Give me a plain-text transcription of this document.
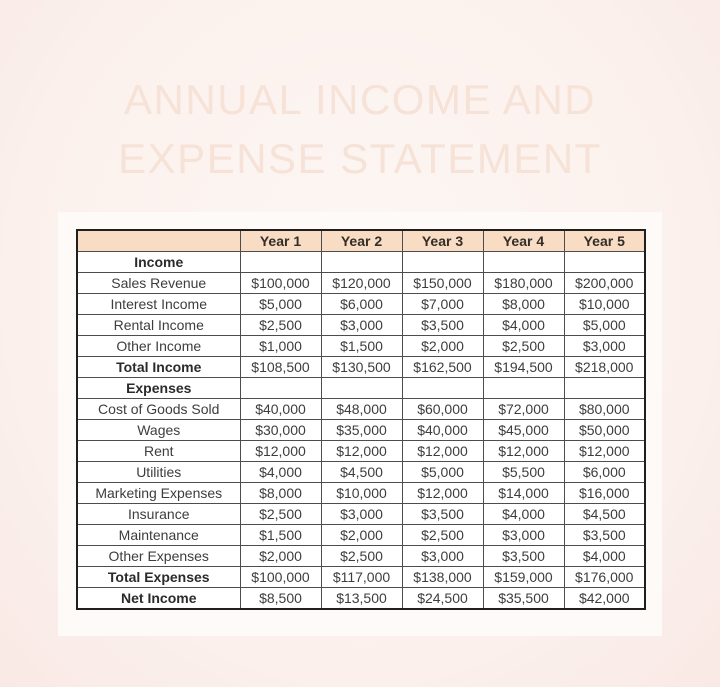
ANNUAL INCOME AND
EXPENSE STATEMENT
	Year 1	Year 2	Year 3	Year 4	Year 5
Income					
Sales Revenue	$100,000	$120,000	$150,000	$180,000	$200,000
Interest Income	$5,000	$6,000	$7,000	$8,000	$10,000
Rental Income	$2,500	$3,000	$3,500	$4,000	$5,000
Other Income	$1,000	$1,500	$2,000	$2,500	$3,000
Total Income	$108,500	$130,500	$162,500	$194,500	$218,000
Expenses					
Cost of Goods Sold	$40,000	$48,000	$60,000	$72,000	$80,000
Wages	$30,000	$35,000	$40,000	$45,000	$50,000
Rent	$12,000	$12,000	$12,000	$12,000	$12,000
Utilities	$4,000	$4,500	$5,000	$5,500	$6,000
Marketing Expenses	$8,000	$10,000	$12,000	$14,000	$16,000
Insurance	$2,500	$3,000	$3,500	$4,000	$4,500
Maintenance	$1,500	$2,000	$2,500	$3,000	$3,500
Other Expenses	$2,000	$2,500	$3,000	$3,500	$4,000
Total Expenses	$100,000	$117,000	$138,000	$159,000	$176,000
Net Income	$8,500	$13,500	$24,500	$35,500	$42,000
